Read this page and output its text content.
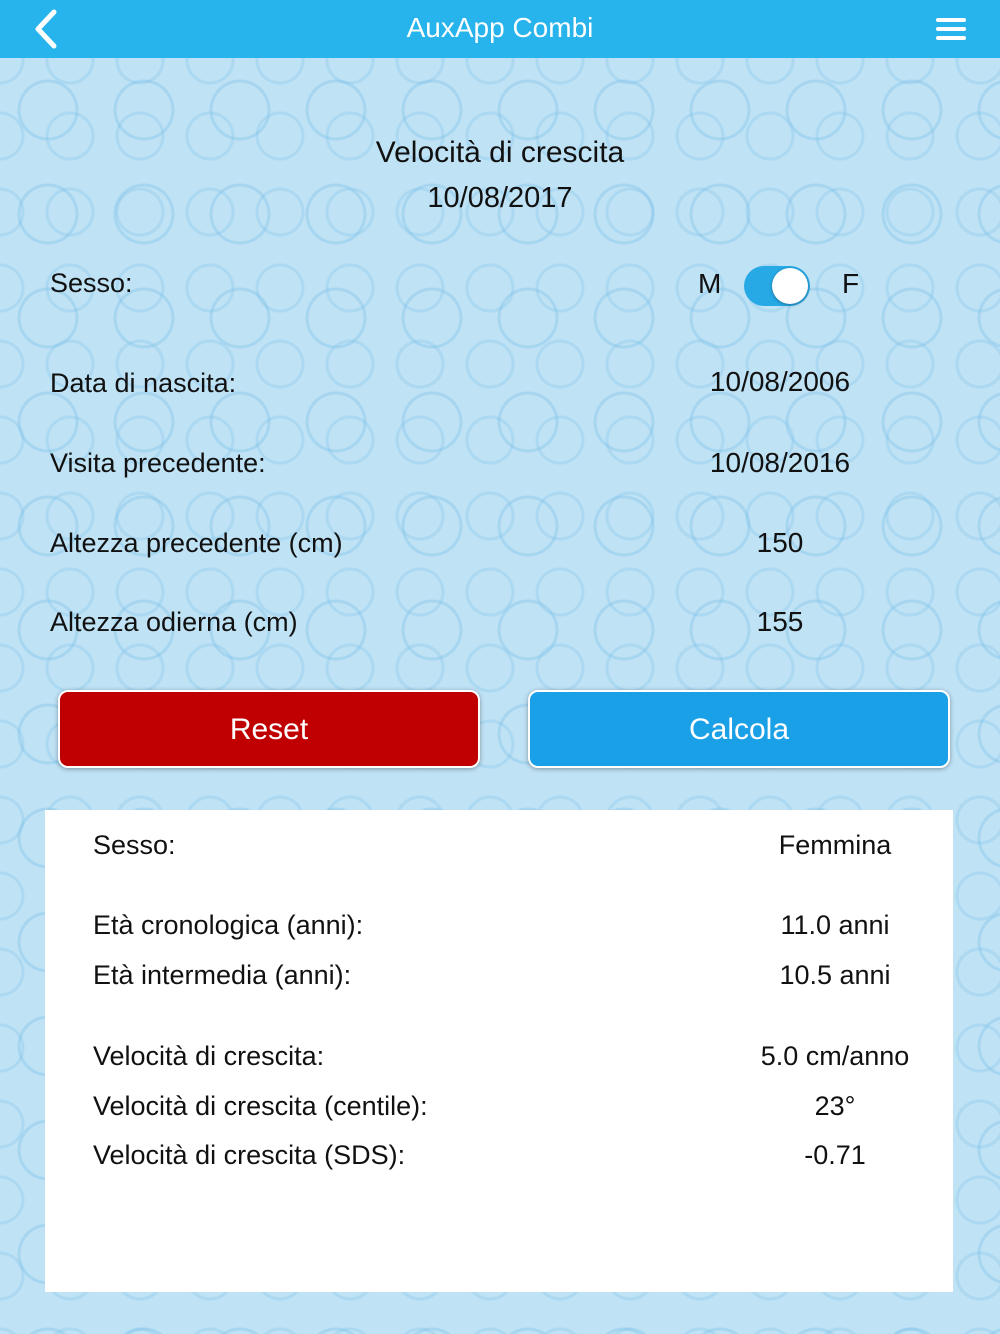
AuxApp Combi
Velocità di crescita
10/08/2017
Sesso:	M	F
Data di nascita:	10/08/2006
Visita precedente:	10/08/2016
Altezza precedente (cm)	150
Altezza odierna (cm)	155
Reset	Calcola
Sesso:	Femmina
Età cronologica (anni):	11.0 anni
Età intermedia (anni):	10.5 anni
Velocità di crescita:	5.0 cm/anno
Velocità di crescita (centile):	23°
Velocità di crescita (SDS):	-0.71
